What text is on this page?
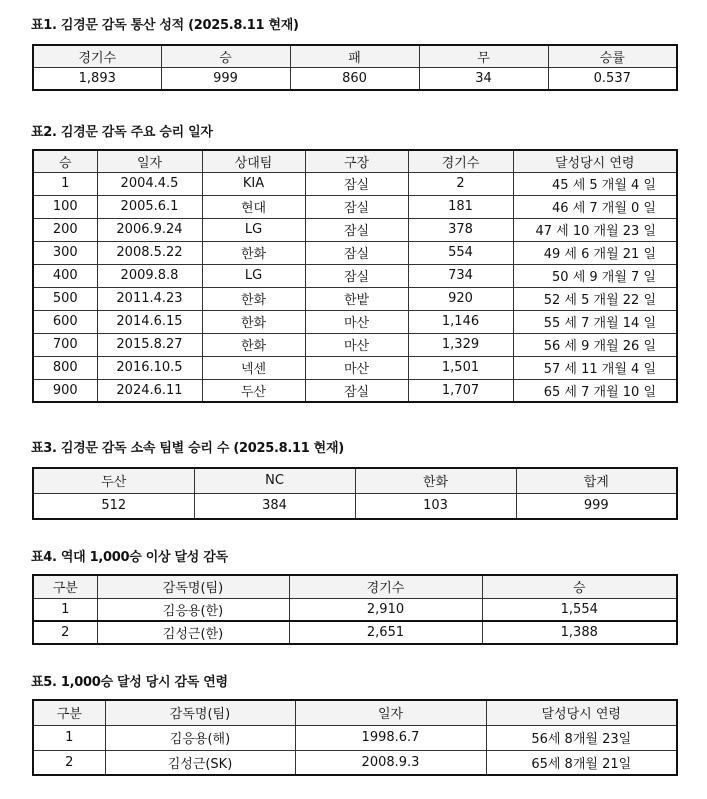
표1. 김경문 감독 통산 성적 (2025.8.11 현재)
경기수	승	패	무	승률
1,893	999	860	34	0.537
표2. 김경문 감독 주요 승리 일자
승	일자	상대팀	구장	경기수	달성당시 연령
1	2004.4.5	KIA	잠실	2	45 세 5 개월 4 일
100	2005.6.1	현대	잠실	181	46 세 7 개월 0 일
200	2006.9.24	LG	잠실	378	47 세 10 개월 23 일
300	2008.5.22	한화	잠실	554	49 세 6 개월 21 일
400	2009.8.8	LG	잠실	734	50 세 9 개월 7 일
500	2011.4.23	한화	한밭	920	52 세 5 개월 22 일
600	2014.6.15	한화	마산	1,146	55 세 7 개월 14 일
700	2015.8.27	한화	마산	1,329	56 세 9 개월 26 일
800	2016.10.5	넥센	마산	1,501	57 세 11 개월 4 일
900	2024.6.11	두산	잠실	1,707	65 세 7 개월 10 일
표3. 김경문 감독 소속 팀별 승리 수 (2025.8.11 현재)
두산	NC	한화	합계
512	384	103	999
표4. 역대 1,000승 이상 달성 감독
구분	감독명(팀)	경기수	승
1	김응용(한)	2,910	1,554
2	김성근(한)	2,651	1,388
표5. 1,000승 달성 당시 감독 연령
구분	감독명(팀)	일자	달성당시 연령
1	김응용(해)	1998.6.7	56세 8개월 23일
2	김성근(SK)	2008.9.3	65세 8개월 21일
